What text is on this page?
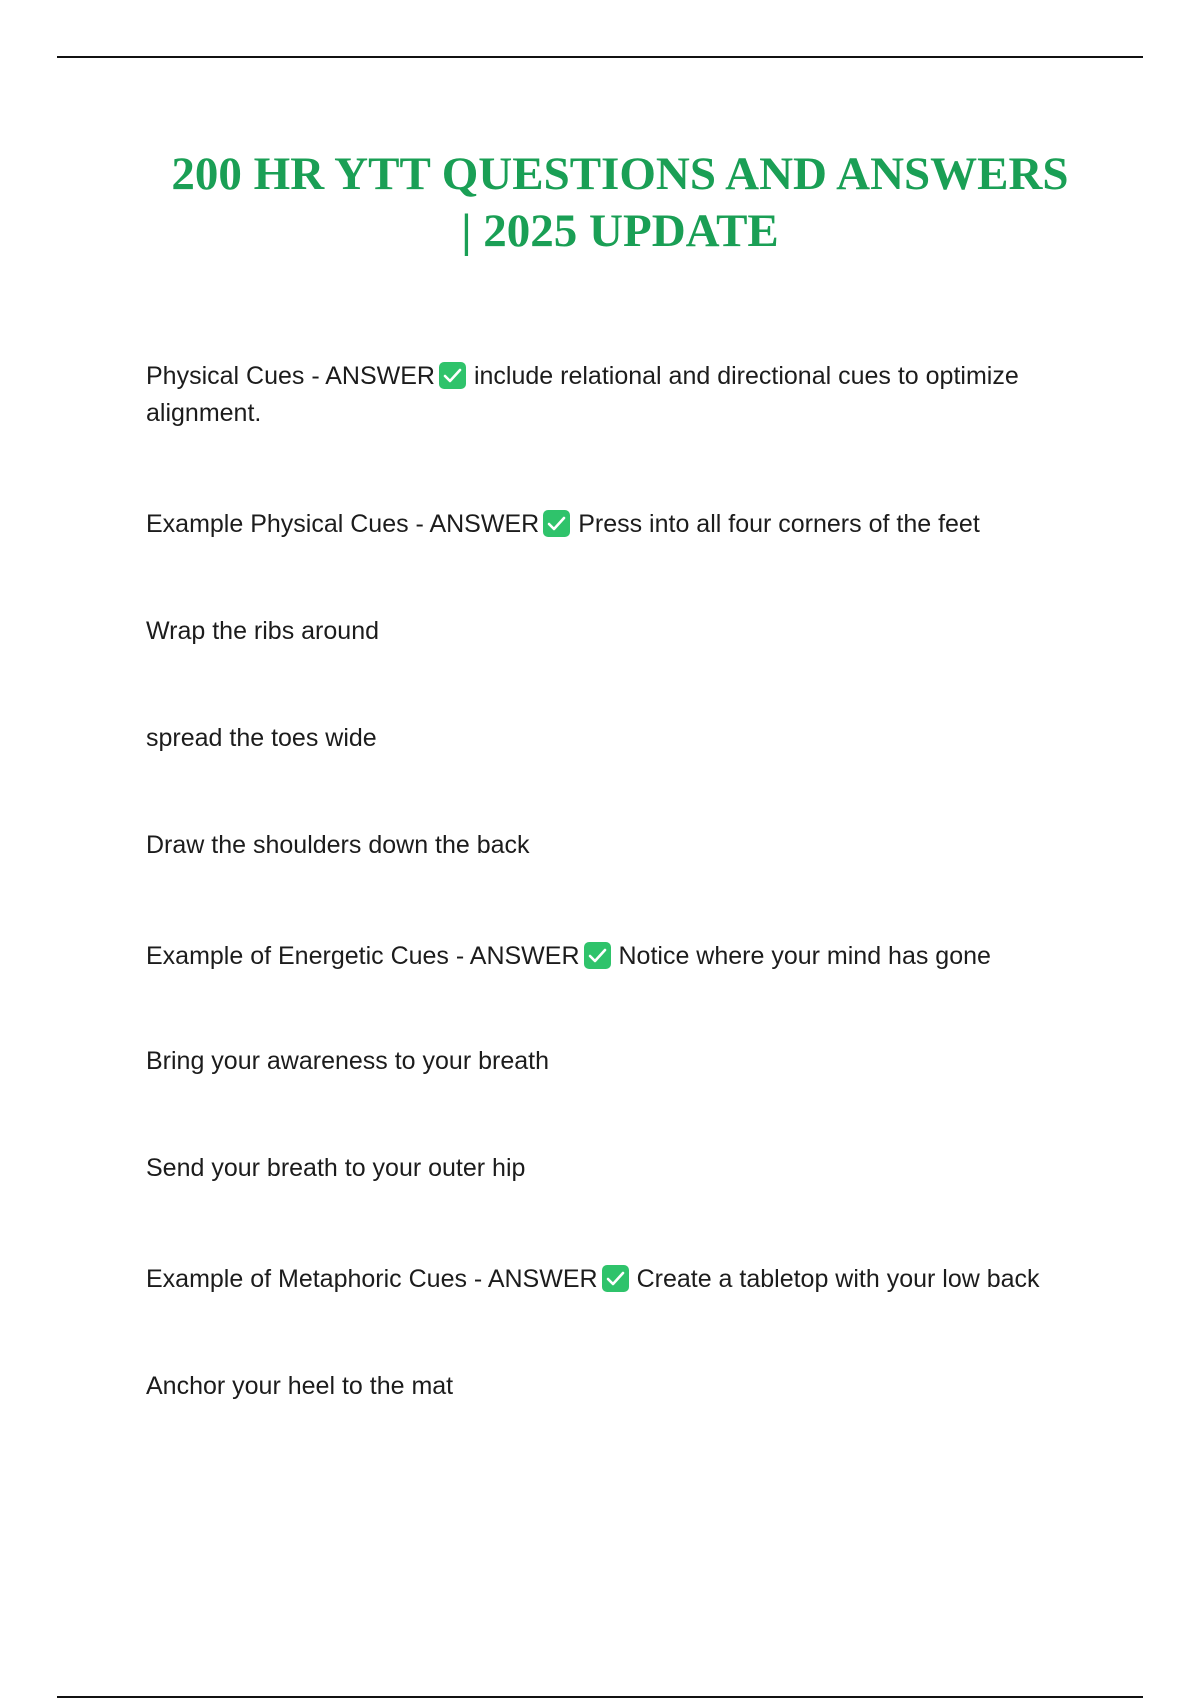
200 HR YTT QUESTIONS AND ANSWERS
| 2025 UPDATE
Physical Cues - ANSWER include relational and directional cues to optimize alignment.
Example Physical Cues - ANSWER Press into all four corners of the feet
Wrap the ribs around
spread the toes wide
Draw the shoulders down the back
Example of Energetic Cues - ANSWER Notice where your mind has gone
Bring your awareness to your breath
Send your breath to your outer hip
Example of Metaphoric Cues - ANSWER Create a tabletop with your low back
Anchor your heel to the mat
